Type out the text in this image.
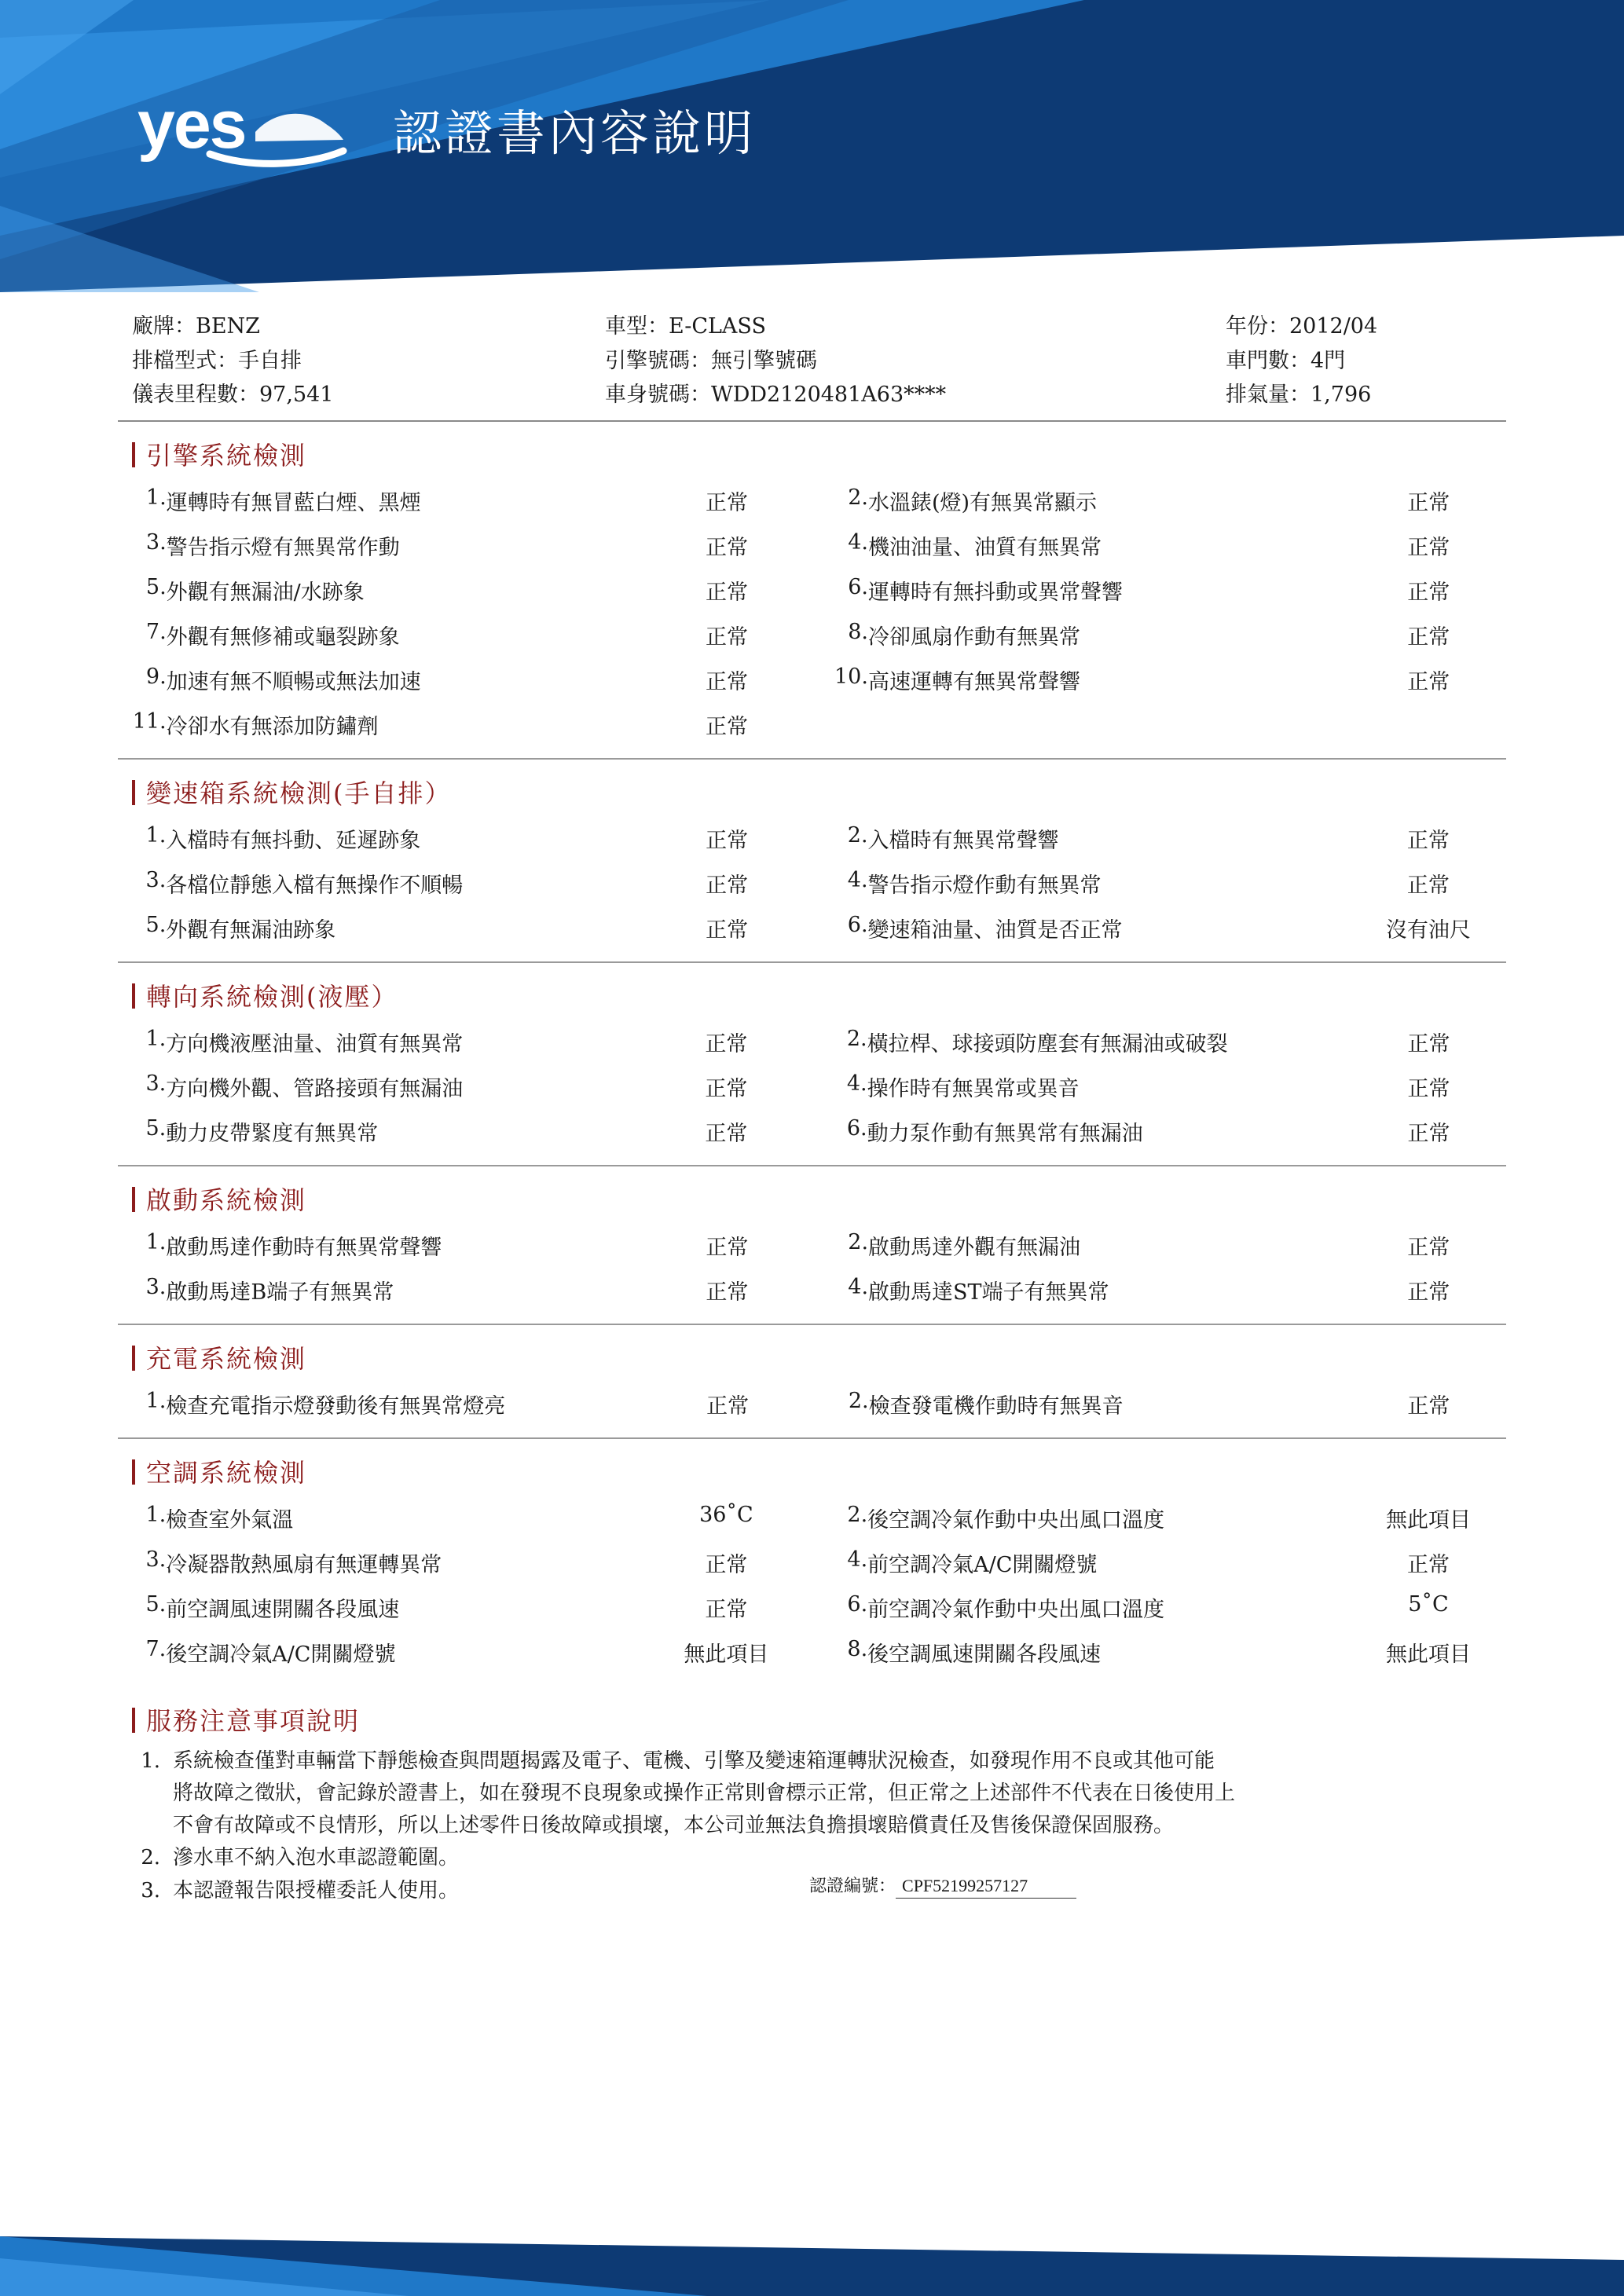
yes	認證書內容說明
廠牌：BENZ
排檔型式：手自排
儀表里程數：97,541
車型：E-CLASS
引擎號碼：無引擎號碼
車身號碼：WDD2120481A63****
年份：2012/04
車門數：4門
排氣量：1,796
引擎系統檢測
1.	運轉時有無冒藍白煙、黑煙	正常		2.	水溫錶(燈)有無異常顯示	正常
3.	警告指示燈有無異常作動	正常		4.	機油油量、油質有無異常	正常
5.	外觀有無漏油/水跡象	正常		6.	運轉時有無抖動或異常聲響	正常
7.	外觀有無修補或龜裂跡象	正常		8.	冷卻風扇作動有無異常	正常
9.	加速有無不順暢或無法加速	正常		10.	高速運轉有無異常聲響	正常
11.	冷卻水有無添加防鏽劑	正常				
變速箱系統檢測(手自排）
1.	入檔時有無抖動、延遲跡象	正常		2.	入檔時有無異常聲響	正常
3.	各檔位靜態入檔有無操作不順暢	正常		4.	警告指示燈作動有無異常	正常
5.	外觀有無漏油跡象	正常		6.	變速箱油量、油質是否正常	沒有油尺
轉向系統檢測(液壓）
1.	方向機液壓油量、油質有無異常	正常		2.	橫拉桿、球接頭防塵套有無漏油或破裂	正常
3.	方向機外觀、管路接頭有無漏油	正常		4.	操作時有無異常或異音	正常
5.	動力皮帶緊度有無異常	正常		6.	動力泵作動有無異常有無漏油	正常
啟動系統檢測
1.	啟動馬達作動時有無異常聲響	正常		2.	啟動馬達外觀有無漏油	正常
3.	啟動馬達B端子有無異常	正常		4.	啟動馬達ST端子有無異常	正常
充電系統檢測
1.	檢查充電指示燈發動後有無異常燈亮	正常		2.	檢查發電機作動時有無異音	正常
空調系統檢測
1.	檢查室外氣溫	36˚C		2.	後空調冷氣作動中央出風口溫度	無此項目
3.	冷凝器散熱風扇有無運轉異常	正常		4.	前空調冷氣A/C開關燈號	正常
5.	前空調風速開關各段風速	正常		6.	前空調冷氣作動中央出風口溫度	5˚C
7.	後空調冷氣A/C開關燈號	無此項目		8.	後空調風速開關各段風速	無此項目
服務注意事項說明
1. 系統檢查僅對車輛當下靜態檢查與問題揭露及電子、電機、引擎及變速箱運轉狀況檢查，如發現作用不良或其他可能
將故障之徵狀，會記錄於證書上，如在發現不良現象或操作正常則會標示正常，但正常之上述部件不代表在日後使用上
不會有故障或不良情形，所以上述零件日後故障或損壞，本公司並無法負擔損壞賠償責任及售後保證保固服務。
2. 滲水車不納入泡水車認證範圍。
3. 本認證報告限授權委託人使用。	認證編號： CPF52199257127
